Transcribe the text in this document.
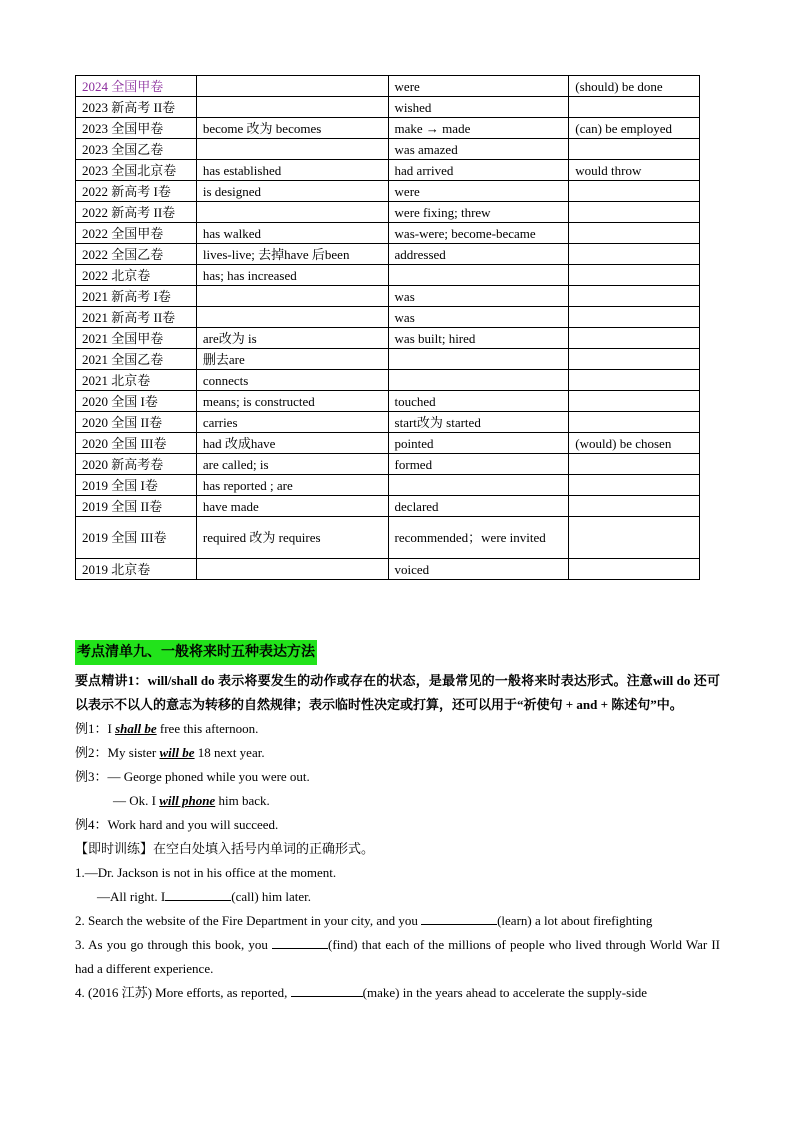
2024 全国甲卷		were	(should) be done
2023 新高考 II卷		wished	
2023 全国甲卷	become 改为 becomes	make → made	(can) be employed
2023 全国乙卷		was amazed	
2023 全国北京卷	has established	had arrived	would throw
2022 新高考 I卷	is designed	were	
2022 新高考 II卷		were fixing; threw	
2022 全国甲卷	has walked	was-were; become-became	
2022 全国乙卷	lives-live; 去掉have 后been	addressed	
2022 北京卷	has; has increased		
2021 新高考 I卷		was	
2021 新高考 II卷		was	
2021 全国甲卷	are改为 is	was built; hired	
2021 全国乙卷	删去are		
2021 北京卷	connects		
2020 全国 I卷	means; is constructed	touched	
2020 全国 II卷	carries	start改为 started	
2020 全国 III卷	had 改成have	pointed	(would) be chosen
2020 新高考卷	are called; is	formed	
2019 全国 I卷	has reported ; are		
2019 全国 II卷	have made	declared	
2019 全国 III卷	required 改为 requires	recommended；were invited	
2019 北京卷		voiced	
考点清单九、一般将来时五种表达方法

要点精讲1：will/shall do 表示将要发生的动作或存在的状态，是最常见的一般将来时表达形式。注意will do 还可以表示不以人的意志为转移的自然规律；表示临时性决定或打算，还可以用于“祈使句 + and + 陈述句”中。

例1：I shall be free this afternoon.

例2：My sister will be 18 next year.

例3：— George phoned while you were out.

— Ok. I will phone him back.

例4：Work hard and you will succeed.

【即时训练】在空白处填入括号内单词的正确形式。

1.—Dr. Jackson is not in his office at the moment.

—All right. I	(call) him later.

2. Search the website of the Fire Department in your city, and you	(learn) a lot about firefighting

3. As you go through this book, you	(find) that each of the millions of people who lived through World War II had a different experience.

4. (2016 江苏) More efforts, as reported,	(make) in the years ahead to accelerate the supply-side
